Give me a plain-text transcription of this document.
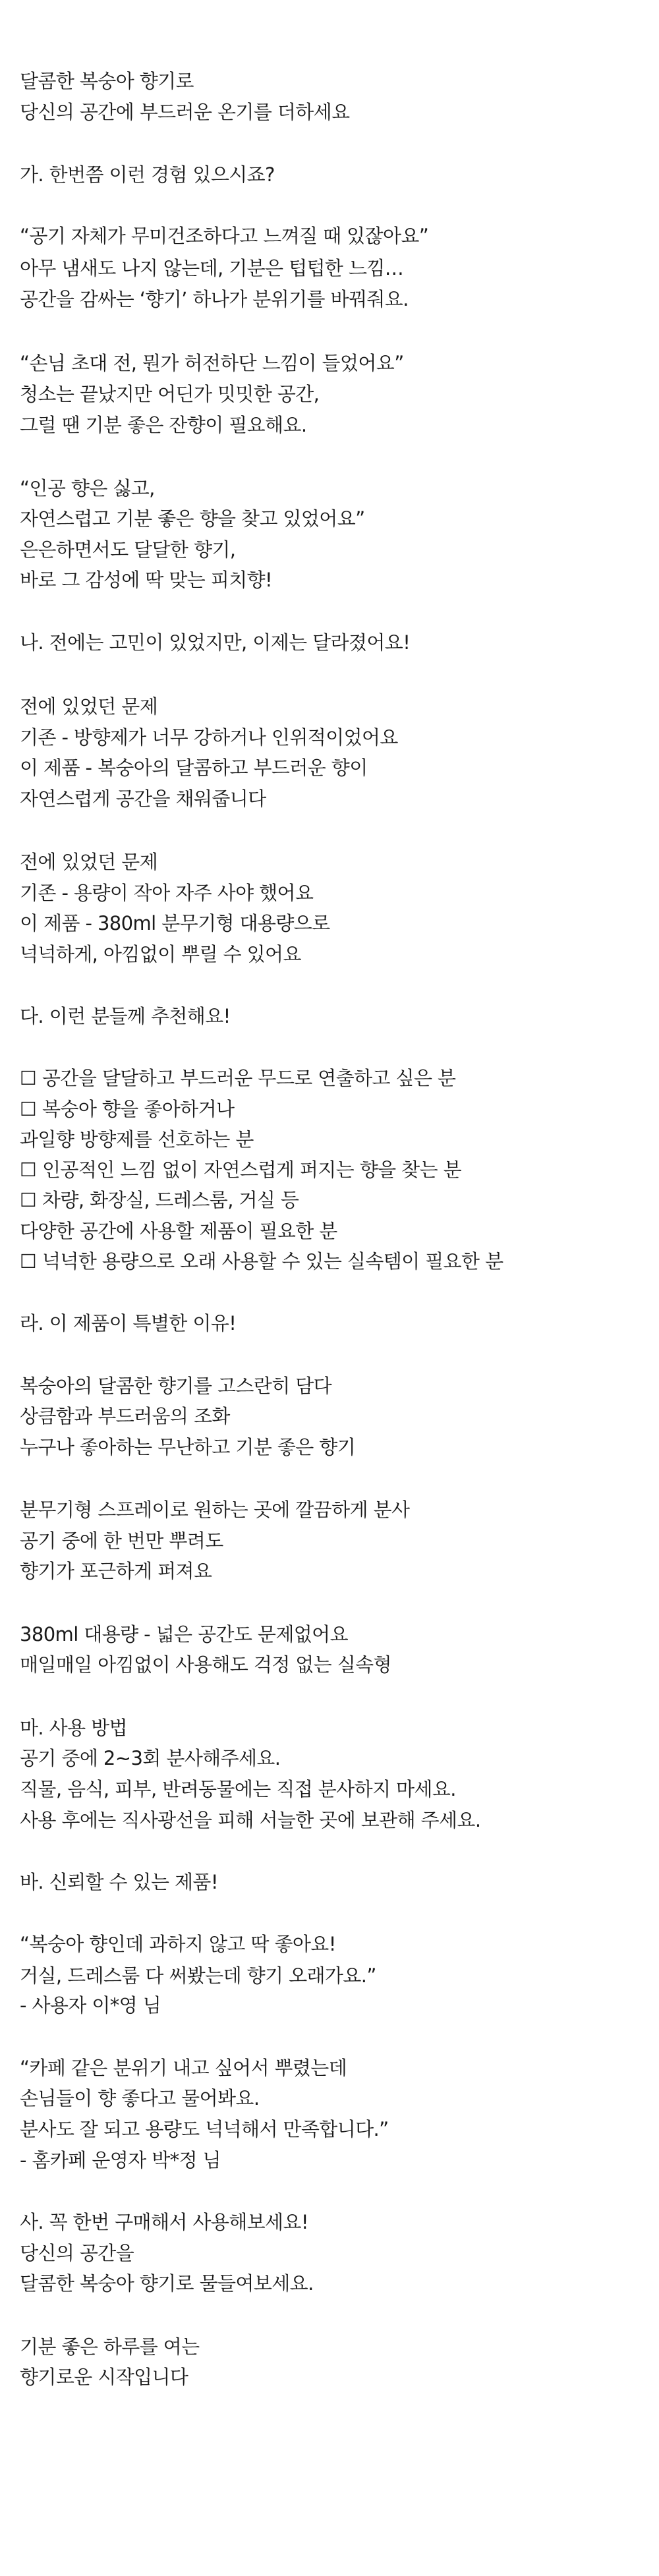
달콤한 복숭아 향기로
당신의 공간에 부드러운 온기를 더하세요
가. 한번쯤 이런 경험 있으시죠?
“공기 자체가 무미건조하다고 느껴질 때 있잖아요”
아무 냄새도 나지 않는데, 기분은 텁텁한 느낌…
공간을 감싸는 ‘향기’ 하나가 분위기를 바꿔줘요.
“손님 초대 전, 뭔가 허전하단 느낌이 들었어요”
청소는 끝났지만 어딘가 밋밋한 공간,
그럴 땐 기분 좋은 잔향이 필요해요.
“인공 향은 싫고,
자연스럽고 기분 좋은 향을 찾고 있었어요”
은은하면서도 달달한 향기,
바로 그 감성에 딱 맞는 피치향!
나. 전에는 고민이 있었지만, 이제는 달라졌어요!
전에 있었던 문제
기존 - 방향제가 너무 강하거나 인위적이었어요
이 제품 - 복숭아의 달콤하고 부드러운 향이
자연스럽게 공간을 채워줍니다
전에 있었던 문제
기존 - 용량이 작아 자주 사야 했어요
이 제품 - 380ml 분무기형 대용량으로
넉넉하게, 아낌없이 뿌릴 수 있어요
다. 이런 분들께 추천해요!
☐ 공간을 달달하고 부드러운 무드로 연출하고 싶은 분
☐ 복숭아 향을 좋아하거나
과일향 방향제를 선호하는 분
☐ 인공적인 느낌 없이 자연스럽게 퍼지는 향을 찾는 분
☐ 차량, 화장실, 드레스룸, 거실 등
다양한 공간에 사용할 제품이 필요한 분
☐ 넉넉한 용량으로 오래 사용할 수 있는 실속템이 필요한 분
라. 이 제품이 특별한 이유!
복숭아의 달콤한 향기를 고스란히 담다
상큼함과 부드러움의 조화
누구나 좋아하는 무난하고 기분 좋은 향기
분무기형 스프레이로 원하는 곳에 깔끔하게 분사
공기 중에 한 번만 뿌려도
향기가 포근하게 퍼져요
380ml 대용량 - 넓은 공간도 문제없어요
매일매일 아낌없이 사용해도 걱정 없는 실속형
마. 사용 방법
공기 중에 2~3회 분사해주세요.
직물, 음식, 피부, 반려동물에는 직접 분사하지 마세요.
사용 후에는 직사광선을 피해 서늘한 곳에 보관해 주세요.
바. 신뢰할 수 있는 제품!
“복숭아 향인데 과하지 않고 딱 좋아요!
거실, 드레스룸 다 써봤는데 향기 오래가요.”
- 사용자 이*영 님
“카페 같은 분위기 내고 싶어서 뿌렸는데
손님들이 향 좋다고 물어봐요.
분사도 잘 되고 용량도 넉넉해서 만족합니다.”
- 홈카페 운영자 박*정 님
사. 꼭 한번 구매해서 사용해보세요!
당신의 공간을
달콤한 복숭아 향기로 물들여보세요.
기분 좋은 하루를 여는
향기로운 시작입니다
